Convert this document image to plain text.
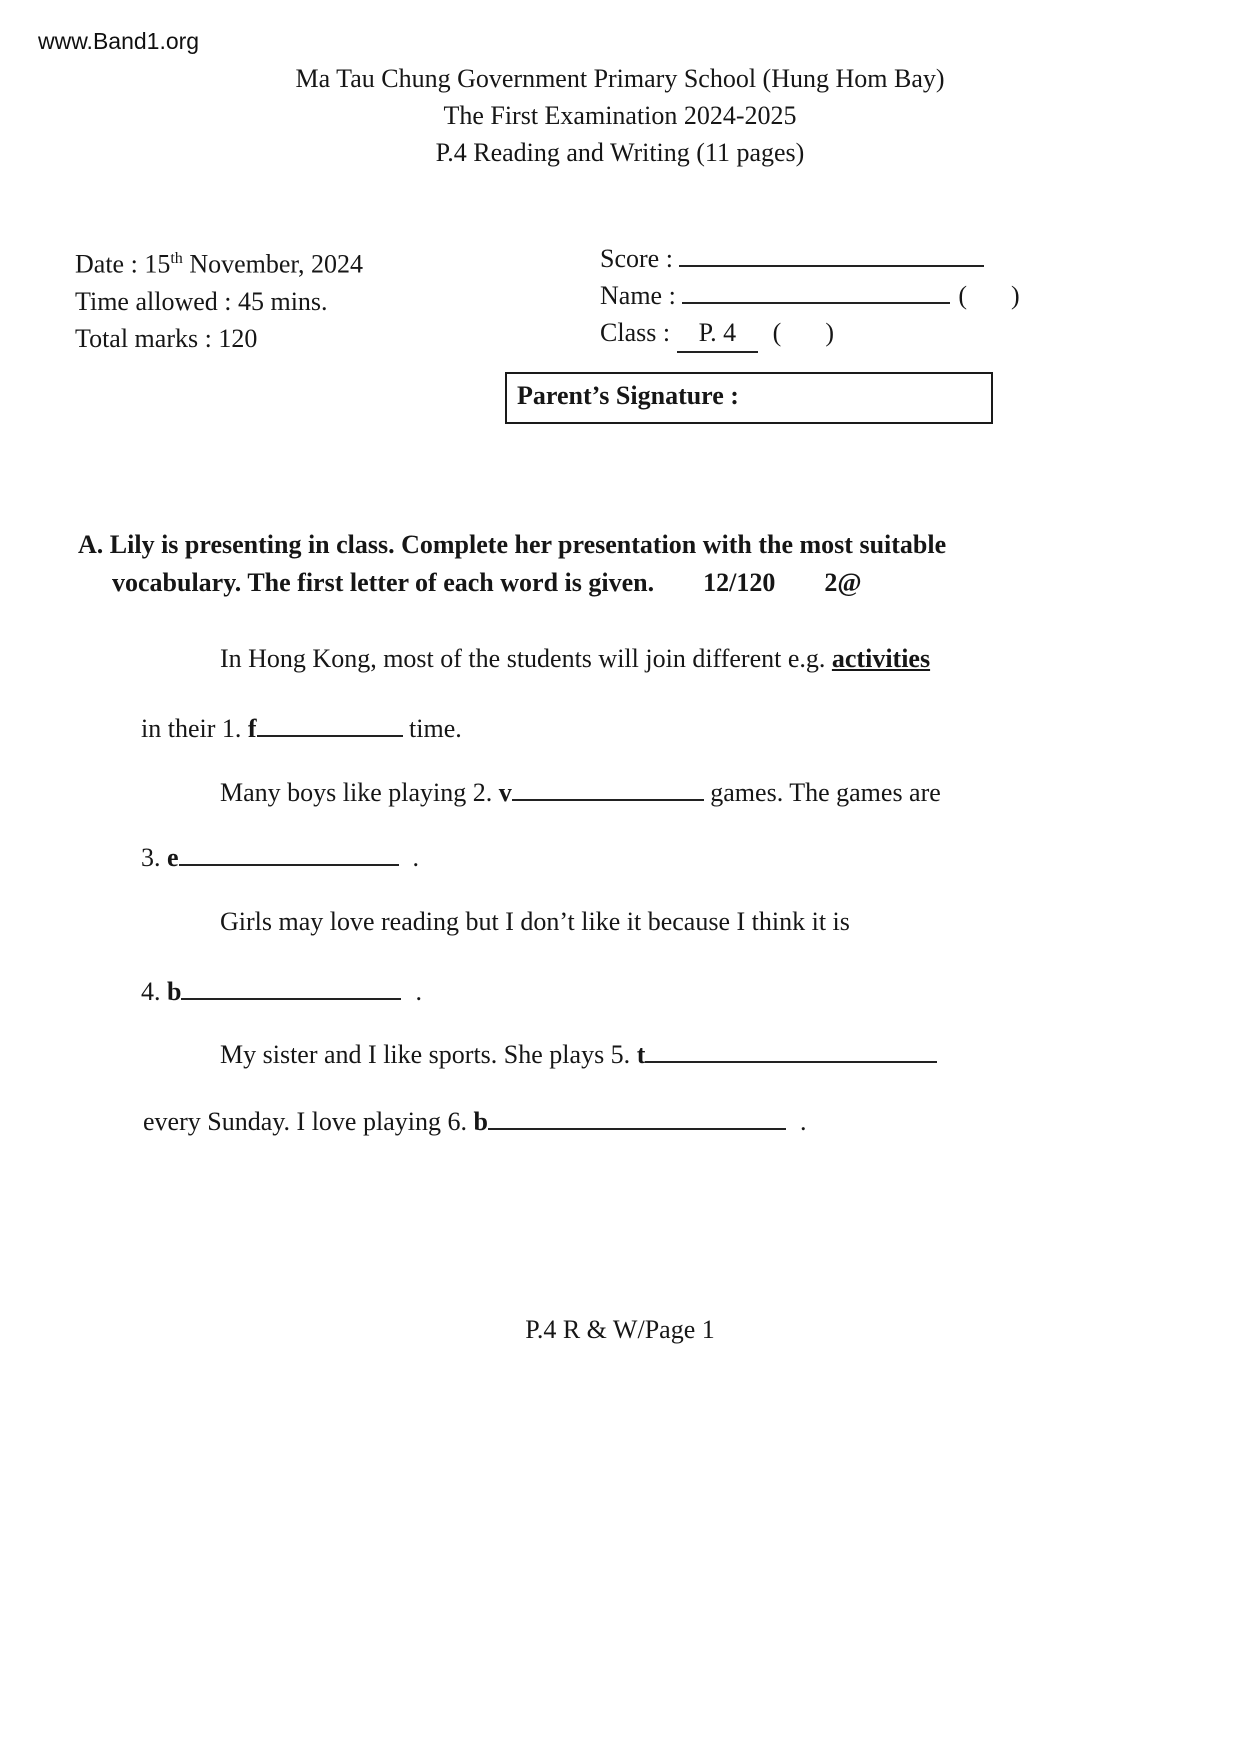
www.Band1.org
Ma Tau Chung Government Primary School (Hung Hom Bay)
The First Examination 2024-2025
P.4 Reading and Writing (11 pages)
Date : 15th November, 2024
Time allowed : 45 mins.
Total marks : 120
Score :
Name :	( )
Class : P. 4 ( )
Parent’s Signature :
A. Lily is presenting in class. Complete her presentation with the most suitable
vocabulary. The first letter of each word is given. 12/120 2@
In Hong Kong, most of the students will join different e.g. activities
in their 1. f	time.
Many boys like playing 2. v	games. The games are
3. e	.
Girls may love reading but I don’t like it because I think it is
4. b	.
My sister and I like sports. She plays 5. t
every Sunday. I love playing 6. b	.
P.4 R & W/Page 1
